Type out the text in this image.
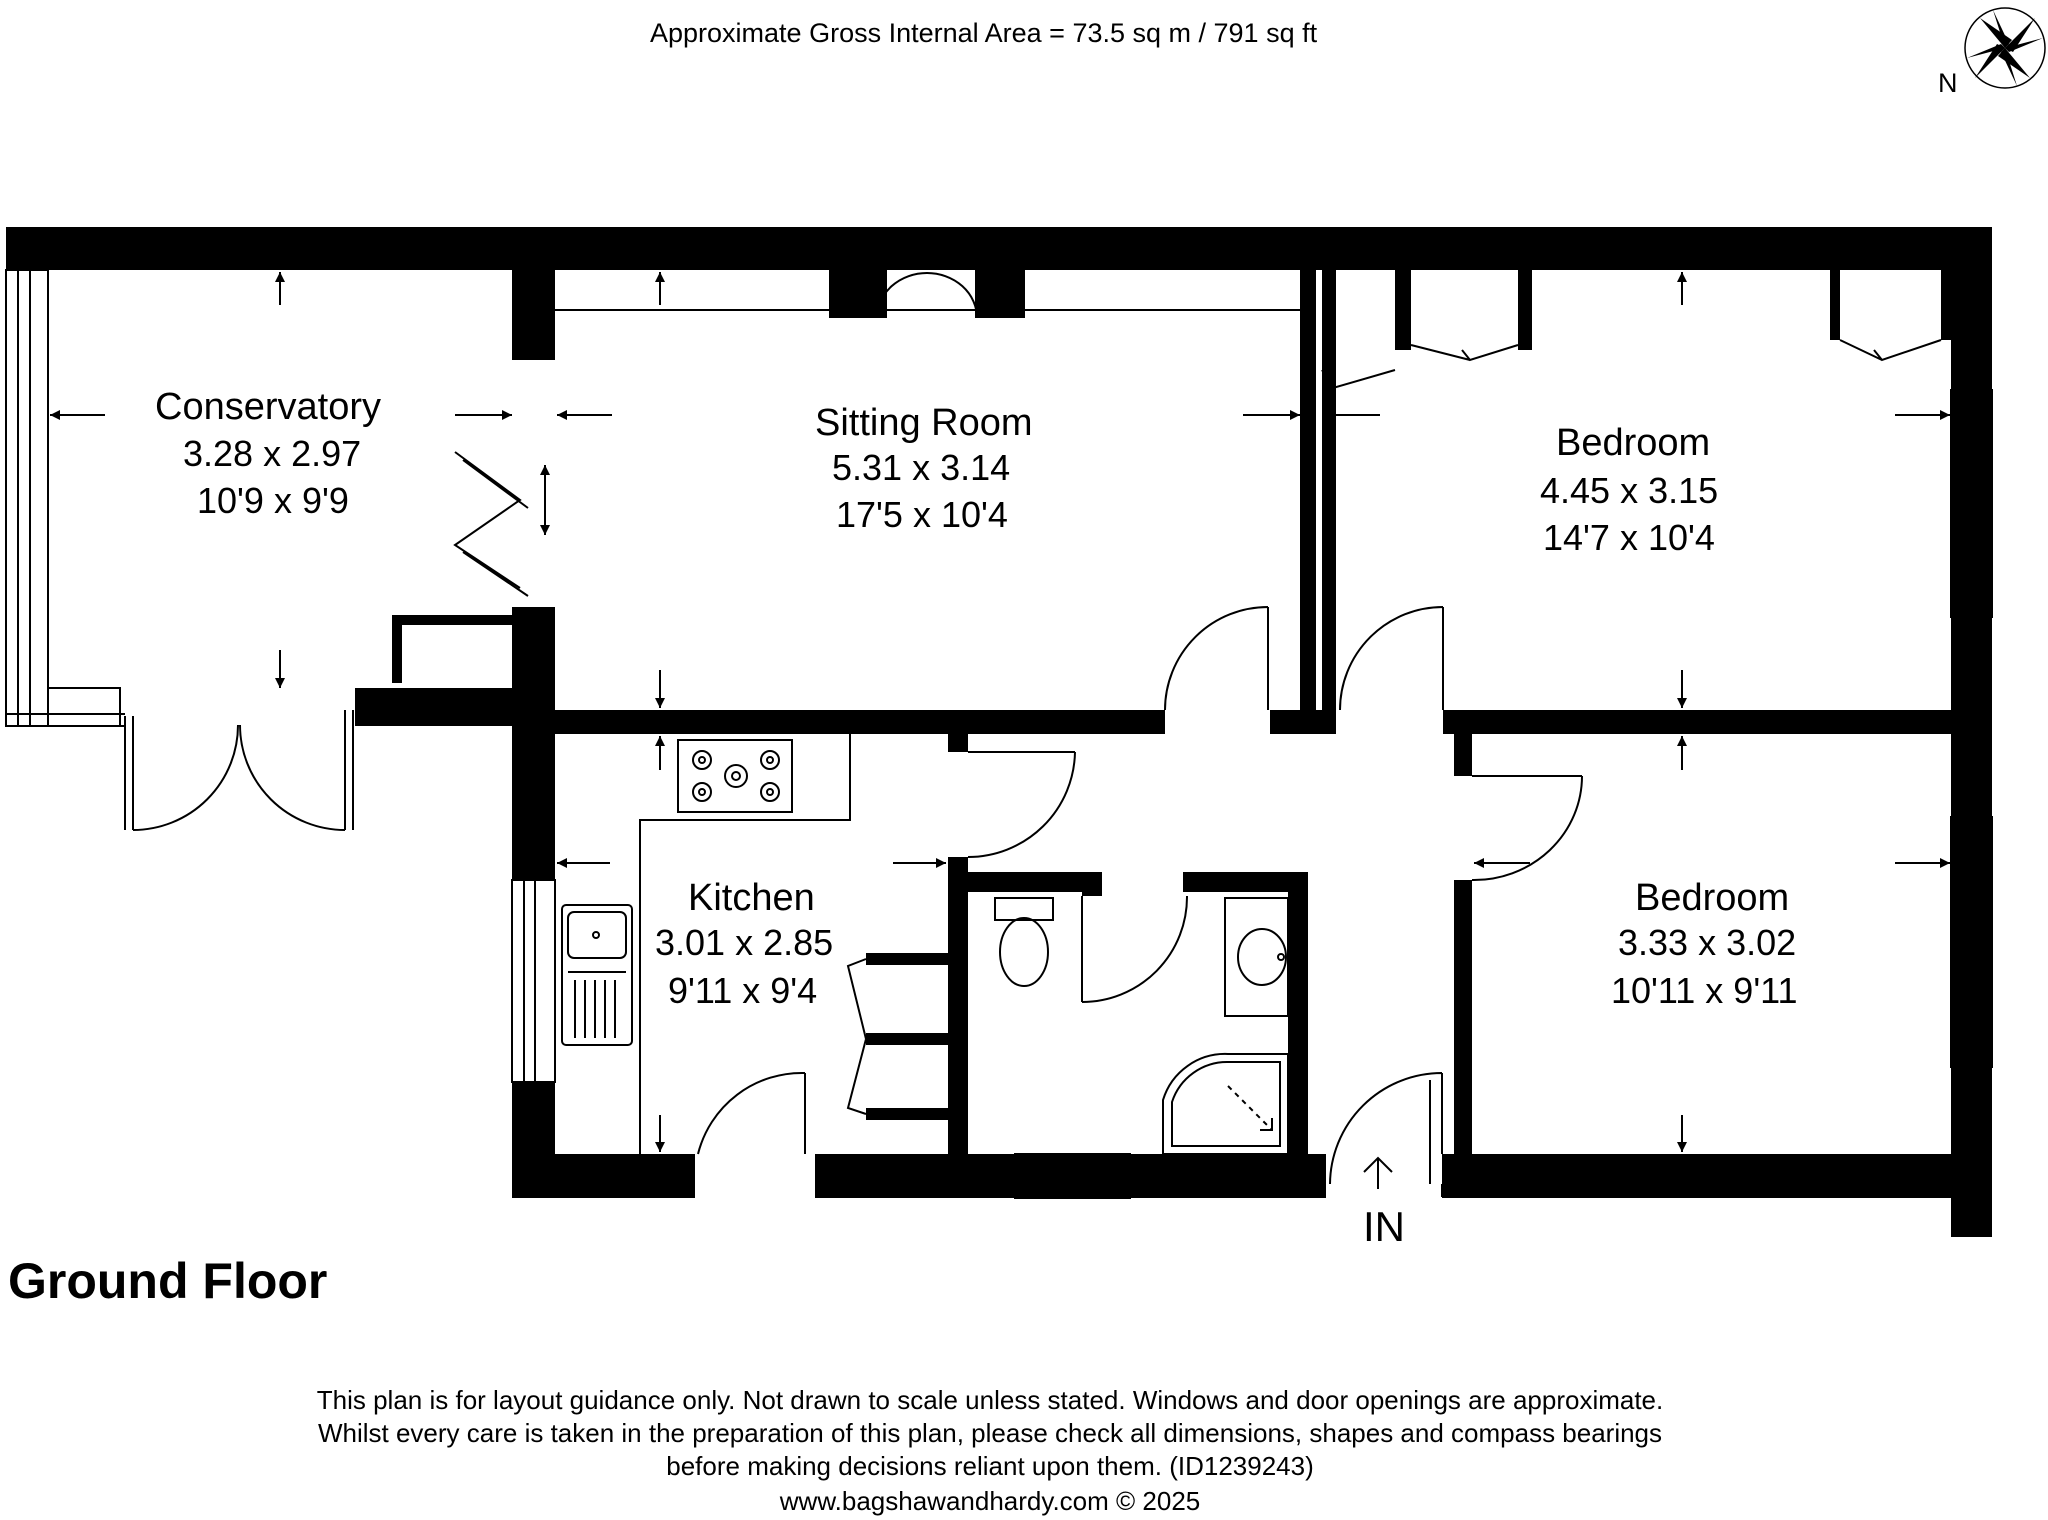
Approximate Gross Internal Area = 73.5 sq m / 791 sq ft
N
Conservatory
3.28 x 2.97
10'9 x 9'9
Sitting Room
5.31 x 3.14
17'5 x 10'4
Bedroom
4.45 x 3.15
14'7 x 10'4
Kitchen
3.01 x 2.85
9'11 x 9'4
Bedroom
3.33 x 3.02
10'11 x 9'11
IN
Ground Floor
This plan is for layout guidance only. Not drawn to scale unless stated. Windows and door openings are approximate.
Whilst every care is taken in the preparation of this plan, please check all dimensions, shapes and compass bearings
before making decisions reliant upon them. (ID1239243)
www.bagshawandhardy.com © 2025
